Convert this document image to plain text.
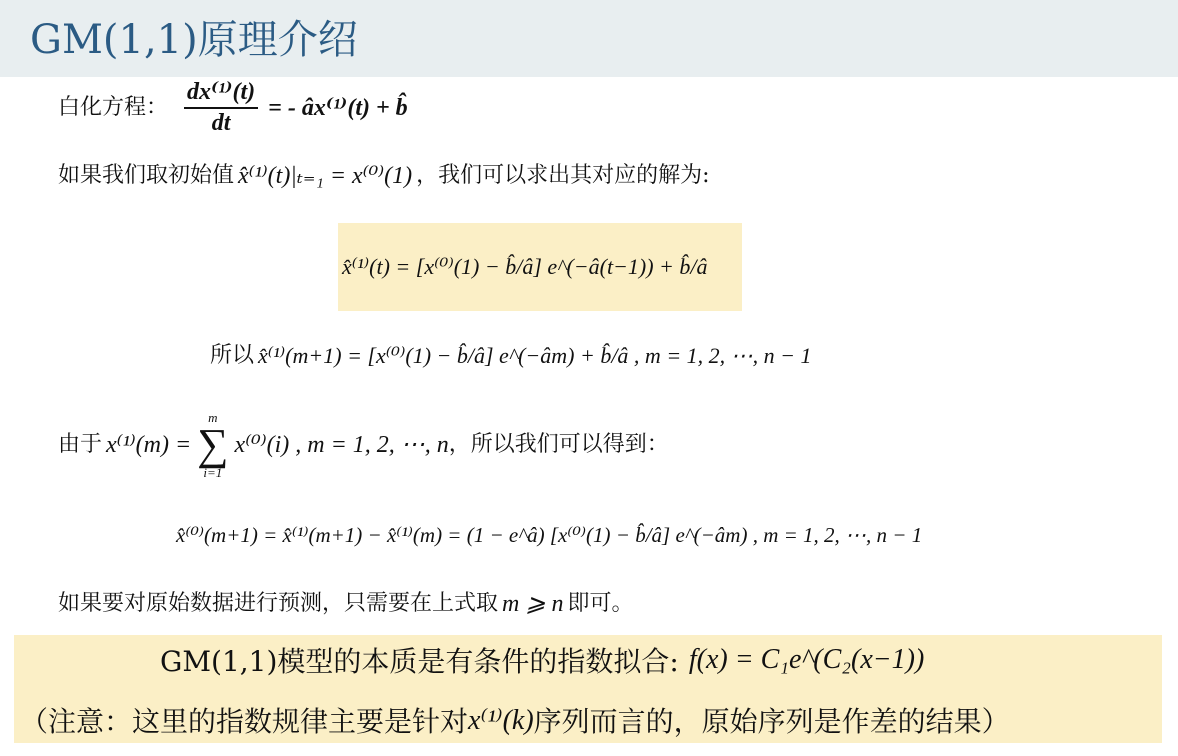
GM(1,1)原理介绍
白化方程： $\frac{\text{dx⁽¹⁾(t)}}{dt}$ = - âx⁽¹⁾(t) + b̂
如果我们取初始值 x̂⁽¹⁾(t)|ₜ₌₁ = x⁽⁰⁾(1) ，我们可以求出其对应的解为:
x̂⁽¹⁾(t) = [x⁽⁰⁾(1) − b̂/â] e^(−â(t−1)) + b̂/â
所以 x̂⁽¹⁾(m+1) = [x⁽⁰⁾(1) − b̂/â] e^(−âm) + b̂/â , m = 1, 2, ⋯, n − 1
由于 x⁽¹⁾(m) =
m
∑
i=1
x⁽⁰⁾(i) , m = 1, 2, ⋯, n ，所以我们可以得到：
x̂⁽⁰⁾(m+1) = x̂⁽¹⁾(m+1) − x̂⁽¹⁾(m) = (1 − e^â) [x⁽⁰⁾(1) − b̂/â] e^(−âm) , m = 1, 2, ⋯, n − 1
如果要对原始数据进行预测，只需要在上式取 m ⩾ n 即可。
GM(1,1)模型的本质是有条件的指数拟合: f(x) = C₁e^(C₂(x−1))
（注意：这里的指数规律主要是针对 x⁽¹⁾(k) 序列而言的，原始序列是作差的结果）
